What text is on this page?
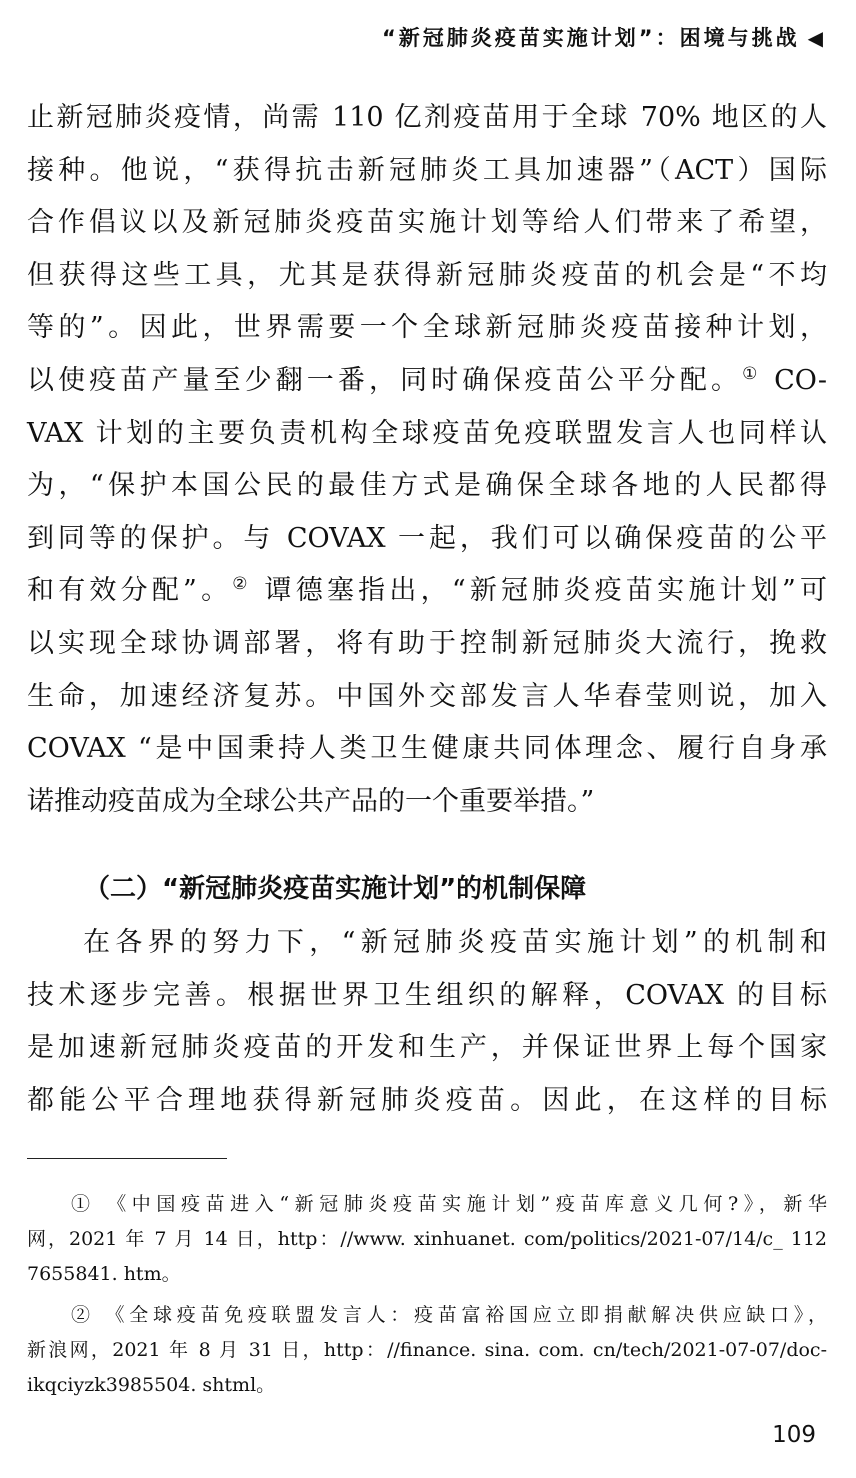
“新冠肺炎疫苗实施计划”：困境与挑战 ◀
止新冠肺炎疫情，尚需 110 亿剂疫苗用于全球 70% 地区的人
接种。他说，“获得抗击新冠肺炎工具加速器”（ACT）国际
合作倡议以及新冠肺炎疫苗实施计划等给人们带来了希望，
但获得这些工具，尤其是获得新冠肺炎疫苗的机会是“不均
等的”。因此，世界需要一个全球新冠肺炎疫苗接种计划，
以使疫苗产量至少翻一番，同时确保疫苗公平分配。① CO-
VAX 计划的主要负责机构全球疫苗免疫联盟发言人也同样认
为，“保护本国公民的最佳方式是确保全球各地的人民都得
到同等的保护。与 COVAX 一起，我们可以确保疫苗的公平
和有效分配”。② 谭德塞指出，“新冠肺炎疫苗实施计划”可
以实现全球协调部署，将有助于控制新冠肺炎大流行，挽救
生命，加速经济复苏。中国外交部发言人华春莹则说，加入
COVAX “是中国秉持人类卫生健康共同体理念、履行自身承
诺推动疫苗成为全球公共产品的一个重要举措。”
（二）“新冠肺炎疫苗实施计划”的机制保障
在各界的努力下，“新冠肺炎疫苗实施计划”的机制和
技术逐步完善。根据世界卫生组织的解释，COVAX 的目标
是加速新冠肺炎疫苗的开发和生产，并保证世界上每个国家
都能公平合理地获得新冠肺炎疫苗。因此，在这样的目标
① 《中国疫苗进入“新冠肺炎疫苗实施计划”疫苗库意义几何?》，新华
网，2021 年 7 月 14 日，http：//www. xinhuanet. com/politics/2021-07/14/c_ 112
7655841. htm。
② 《全球疫苗免疫联盟发言人：疫苗富裕国应立即捐献解决供应缺口》，
新浪网，2021 年 8 月 31 日，http：//finance. sina. com. cn/tech/2021-07-07/doc-
ikqciyzk3985504. shtml。
109
